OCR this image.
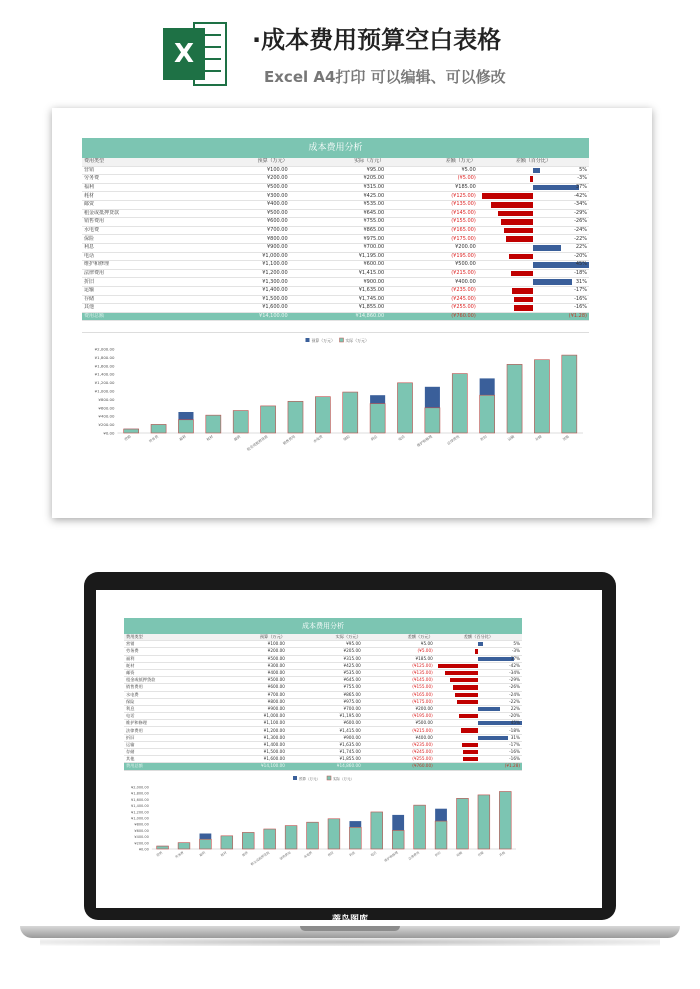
X	·成本费用预算空白表格
Excel A4打印 可以编辑、可以修改
成本费用分析
费用类型	预算（万元）	实际（万元）	差额（万元）	差额（百分比）
营销	¥100.00	¥95.00	¥5.00	5%
劳务费	¥200.00	¥205.00	(¥5.00)	-3%
福利	¥500.00	¥315.00	¥185.00	37%
耗材	¥300.00	¥425.00	(¥125.00)	-42%
邮资	¥400.00	¥535.00	(¥135.00)	-34%
租金或抵押贷款	¥500.00	¥645.00	(¥145.00)	-29%
销售费用	¥600.00	¥755.00	(¥155.00)	-26%
水电费	¥700.00	¥865.00	(¥165.00)	-24%
保险	¥800.00	¥975.00	(¥175.00)	-22%
利息	¥900.00	¥700.00	¥200.00	22%
电话	¥1,000.00	¥1,195.00	(¥195.00)	-20%
维护和修理	¥1,100.00	¥600.00	¥500.00	45%
法律费用	¥1,200.00	¥1,415.00	(¥215.00)	-18%
折旧	¥1,300.00	¥900.00	¥400.00	31%
运输	¥1,400.00	¥1,635.00	(¥235.00)	-17%
存储	¥1,500.00	¥1,745.00	(¥245.00)	-16%
其他	¥1,600.00	¥1,855.00	(¥255.00)	-16%
费用总额	¥14,100.00	¥14,860.00	(¥760.00)	(¥1.28)
预算（万元）	实际（万元）
¥0.00
¥200.00
¥400.00
¥600.00
¥800.00
¥1,000.00
¥1,200.00
¥1,400.00
¥1,600.00
¥1,800.00
¥2,000.00
营销	劳务费	福利	耗材	邮资 租金或抵押贷款	销售费用	水电费	保险	利息	电话	维护和修理	法律费用	折旧	运输	存储	其他
成本费用分析
费用类型	预算（万元）	实际（万元）	差额（万元）	差额（百分比）
营销	¥100.00	¥95.00	¥5.00	5%
劳务费	¥200.00	¥205.00	(¥5.00)	-3%
福利	¥500.00	¥315.00	¥185.00	37%
耗材	¥300.00	¥425.00	(¥125.00)	-42%
邮资	¥400.00	¥535.00	(¥135.00)	-34%
租金或抵押贷款	¥500.00	¥645.00	(¥145.00)	-29%
销售费用	¥600.00	¥755.00	(¥155.00)	-26%
水电费	¥700.00	¥865.00	(¥165.00)	-24%
保险	¥800.00	¥975.00	(¥175.00)	-22%
利息	¥900.00	¥700.00	¥200.00	22%
电话	¥1,000.00	¥1,195.00	(¥195.00)	-20%
维护和修理	¥1,100.00	¥600.00	¥500.00	45%
法律费用	¥1,200.00	¥1,415.00	(¥215.00)	-18%
折旧	¥1,300.00	¥900.00	¥400.00	31%
运输	¥1,400.00	¥1,635.00	(¥235.00)	-17%
存储	¥1,500.00	¥1,745.00	(¥245.00)	-16%
其他	¥1,600.00	¥1,855.00	(¥255.00)	-16%
费用总额	¥14,100.00	¥14,860.00	(¥760.00)	(¥1.28)
预算（万元）	实际（万元）
¥0.00
¥200.00
¥400.00
¥600.00
¥800.00
¥1,000.00
¥1,200.00
¥1,400.00
¥1,600.00
¥1,800.00
¥2,000.00
营销	劳务费	福利	耗材	邮资 租金或抵押贷款	销售费用	水电费	保险	利息	电话 维护和修理	法律费用	折旧	运输	存储	其他
蒂鸟图库
